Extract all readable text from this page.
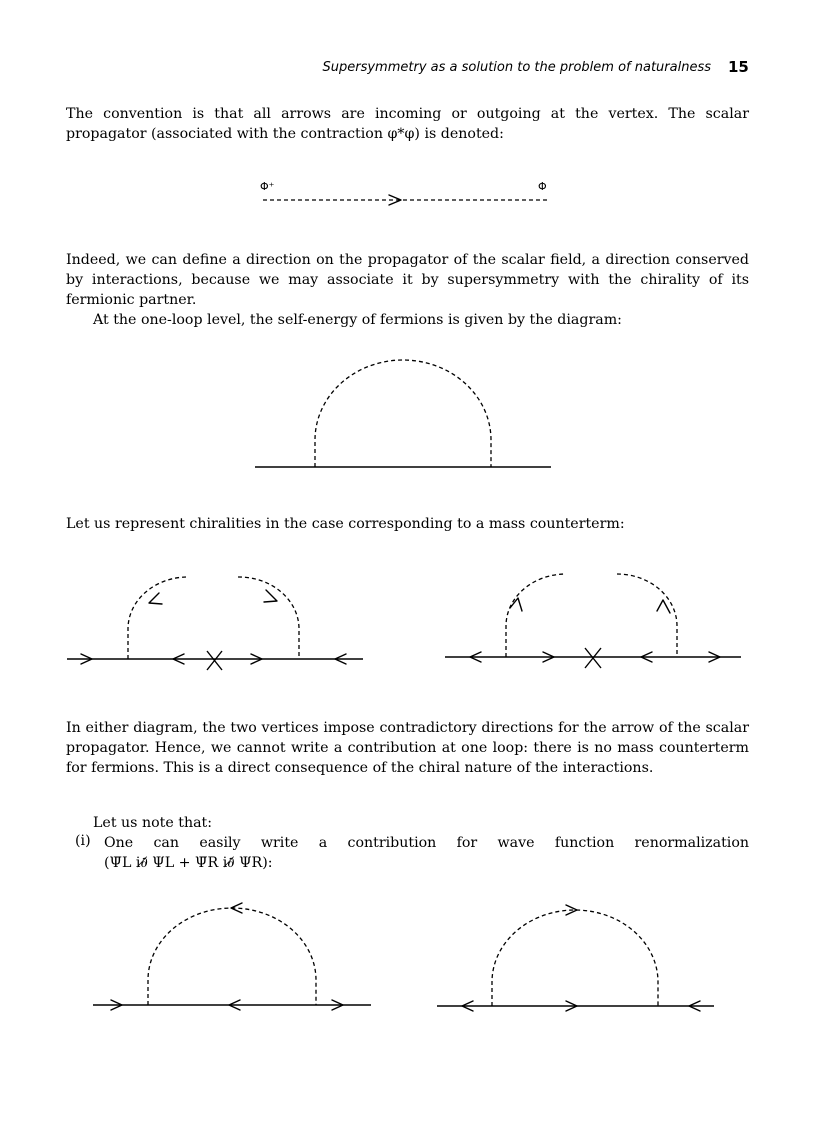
Supersymmetry as a solution to the problem of naturalness 15
The convention is that all arrows are incoming or outgoing at the vertex. The scalar propagator (associated with the contraction φ*φ) is denoted:
Φ⁺	Φ
Indeed, we can define a direction on the propagator of the scalar field, a direction conserved by interactions, because we may associate it by supersymmetry with the chirality of its fermionic partner.
At the one-loop level, the self-energy of fermions is given by the diagram:
Let us represent chiralities in the case corresponding to a mass counterterm:
In either diagram, the two vertices impose contradictory directions for the arrow of the scalar propagator. Hence, we cannot write a contribution at one loop: there is no mass counterterm for fermions. This is a direct consequence of the chiral nature of the interactions.
Let us note that:
(i) One can easily write a contribution for wave function renormalization
(Ψ̄L i∂̸ ΨL + Ψ̄R i∂̸ ΨR):
